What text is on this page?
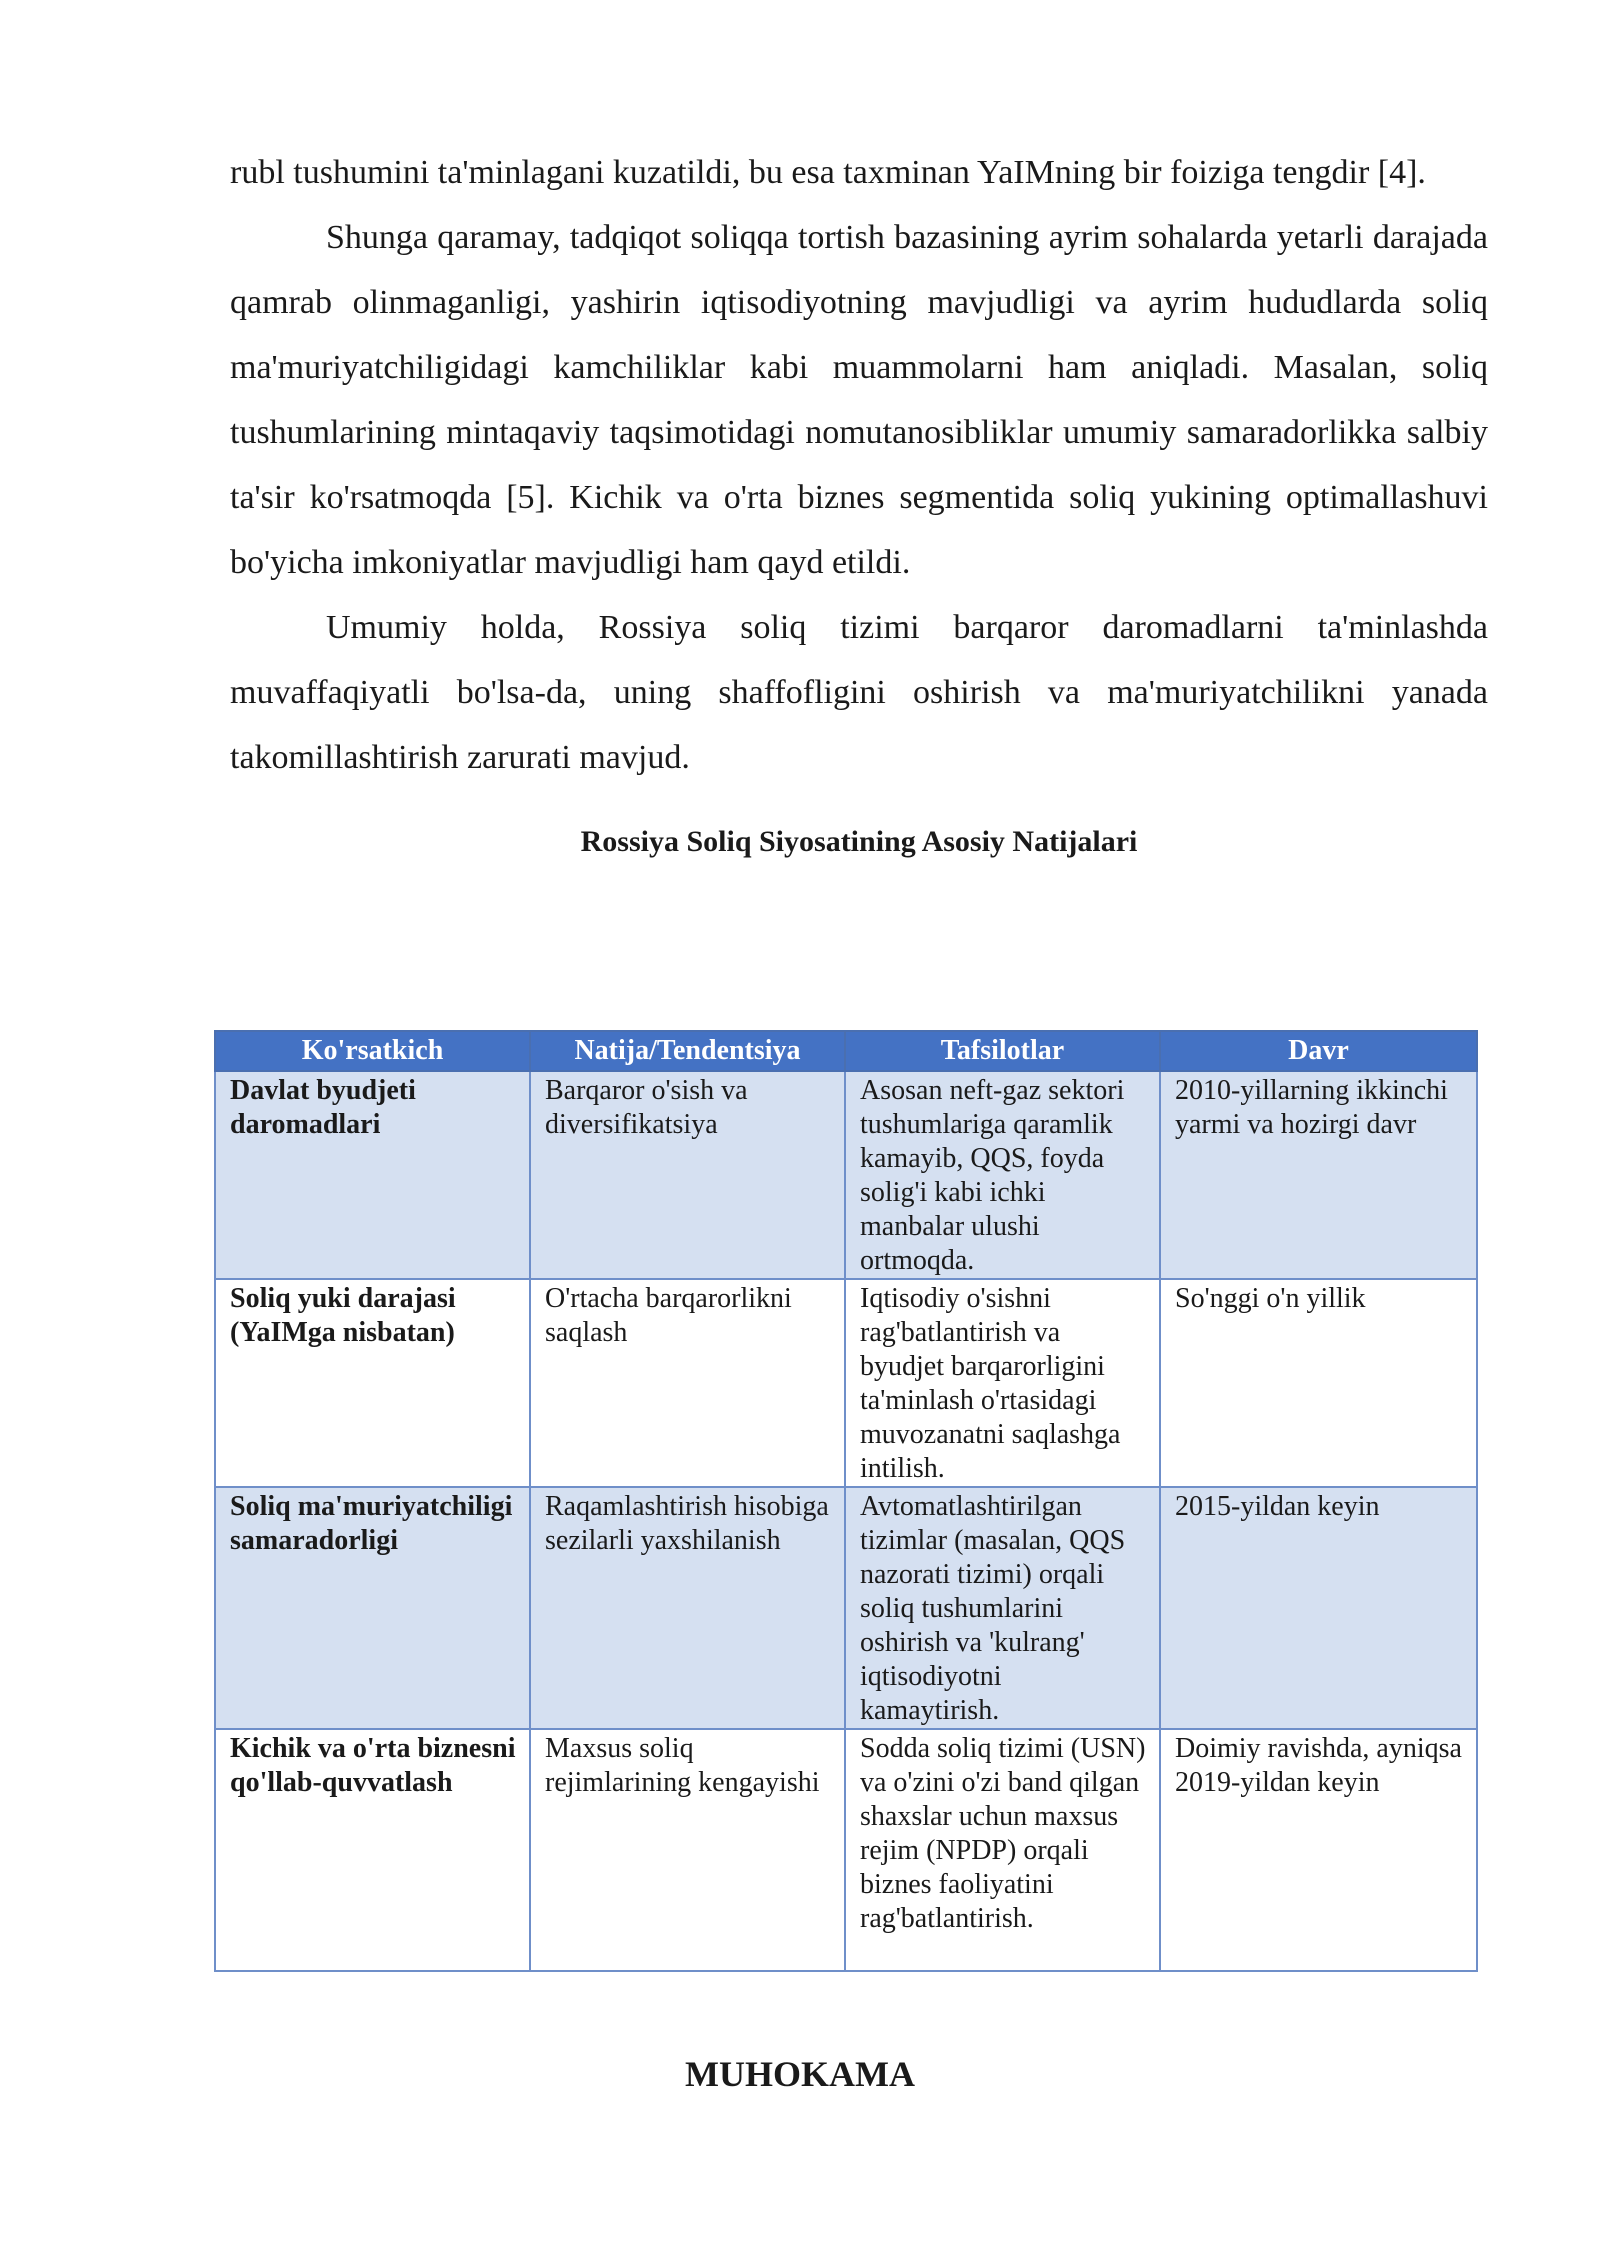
rubl tushumini ta'minlagani kuzatildi, bu esa taxminan YaIMning bir foiziga tengdir [4].

Shunga qaramay, tadqiqot soliqqa tortish bazasining ayrim sohalarda yetarli darajada qamrab olinmaganligi, yashirin iqtisodiyotning mavjudligi va ayrim hududlarda soliq ma'muriyatchiligidagi kamchiliklar kabi muammolarni ham aniqladi. Masalan, soliq tushumlarining mintaqaviy taqsimotidagi nomutanosibliklar umumiy samaradorlikka salbiy ta'sir ko'rsatmoqda [5]. Kichik va o'rta biznes segmentida soliq yukining optimallashuvi bo'yicha imkoniyatlar mavjudligi ham qayd etildi.

Umumiy holda, Rossiya soliq tizimi barqaror daromadlarni ta'minlashda muvaffaqiyatli bo'lsa-da, uning shaffofligini oshirish va ma'muriyatchilikni yanada takomillashtirish zarurati mavjud.

Rossiya Soliq Siyosatining Asosiy Natijalari
Ko'rsatkich	Natija/Tendentsiya	Tafsilotlar	Davr
Davlat byudjeti daromadlari	Barqaror o'sish va diversifikatsiya	Asosan neft-gaz sektori tushumlariga qaramlik kamayib, QQS, foyda solig'i kabi ichki manbalar ulushi ortmoqda.	2010-yillarning ikkinchi yarmi va hozirgi davr
Soliq yuki darajasi (YaIMga nisbatan)	O'rtacha barqarorlikni saqlash	Iqtisodiy o'sishni rag'batlantirish va byudjet barqarorligini ta'minlash o'rtasidagi muvozanatni saqlashga intilish.	So'nggi o'n yillik
Soliq ma'muriyatchiligi samaradorligi	Raqamlashtirish hisobiga sezilarli yaxshilanish	Avtomatlashtirilgan tizimlar (masalan, QQS nazorati tizimi) orqali soliq tushumlarini oshirish va 'kulrang' iqtisodiyotni kamaytirish.	2015-yildan keyin
Kichik va o'rta biznesni qo'llab-quvvatlash	Maxsus soliq rejimlarining kengayishi	Sodda soliq tizimi (USN) va o'zini o'zi band qilgan shaxslar uchun maxsus rejim (NPDP) orqali biznes faoliyatini rag'batlantirish.	Doimiy ravishda, ayniqsa 2019-yildan keyin
MUHOKAMA
